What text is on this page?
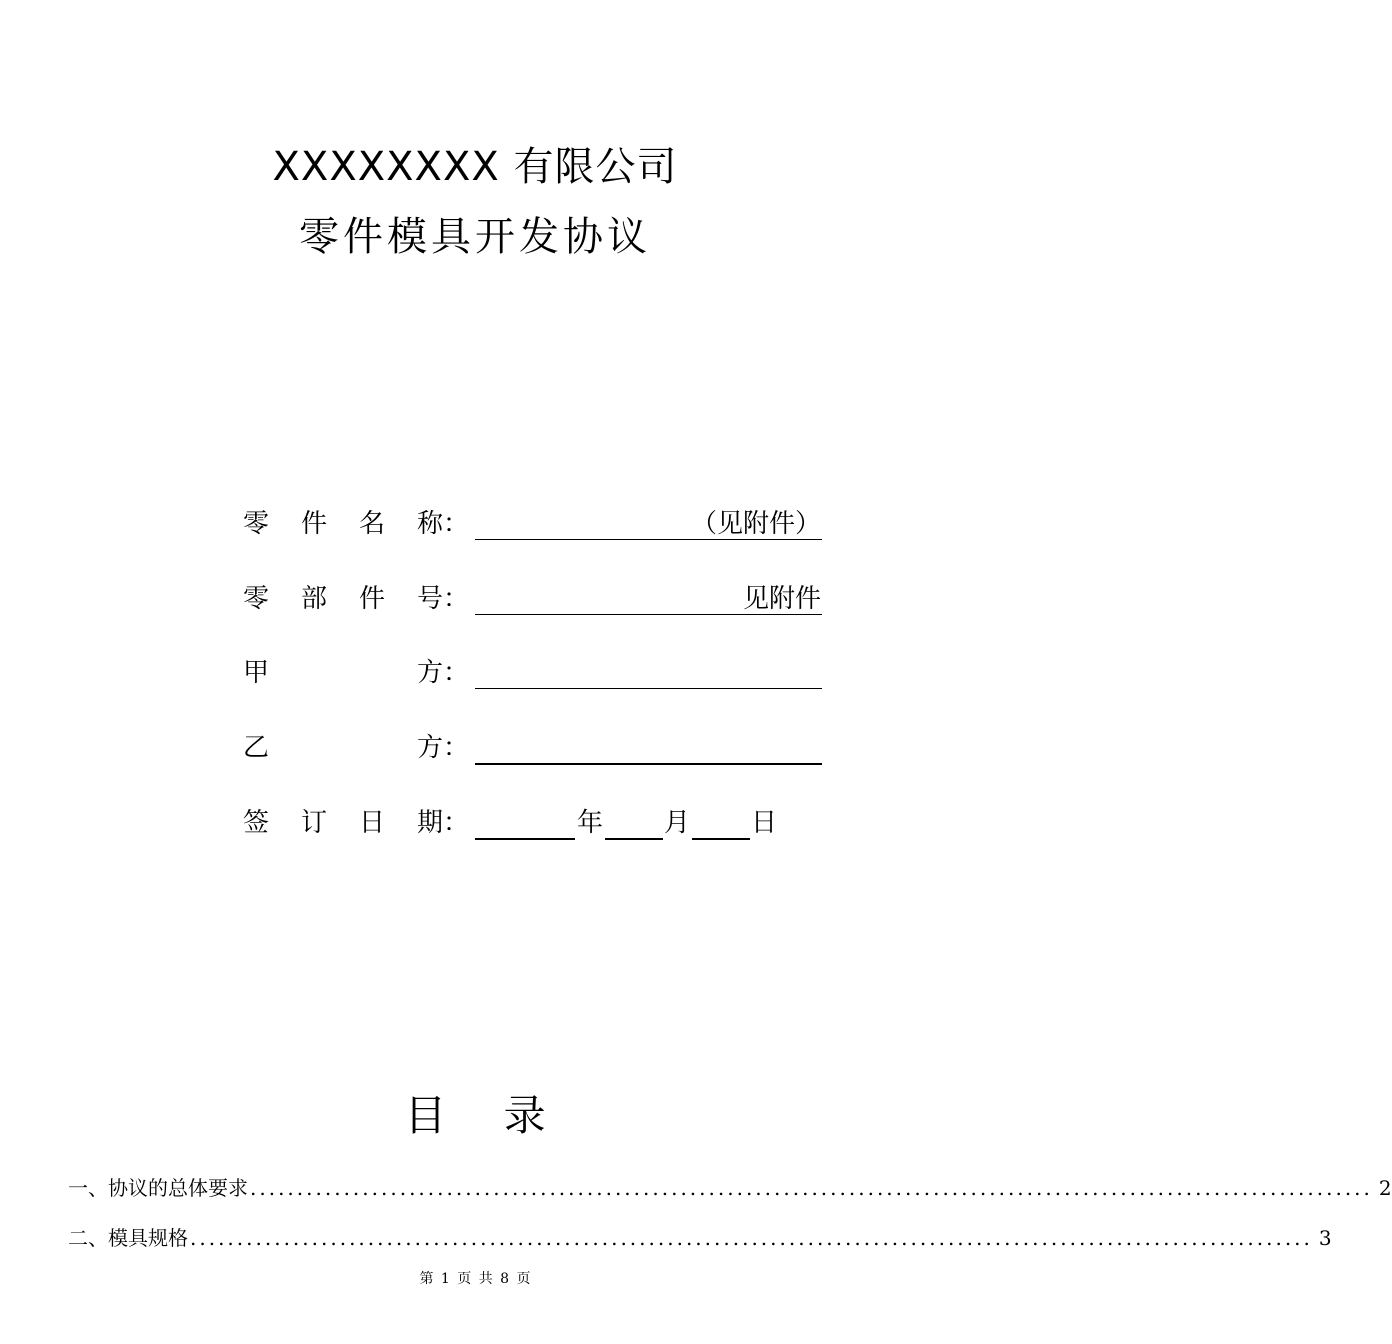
XXXXXXXX 有限公司
零件模具开发协议
零 件 名 称：	（见附件）
零 部 件 号：	见附件
甲	方：
乙	方：
签 订 日 期：	年 月 日
目 录
一、协议的总体要求 ........................................................................................................................ 2
二、模具规格 ........................................................................................................................ 3
第 1 页 共 8 页
